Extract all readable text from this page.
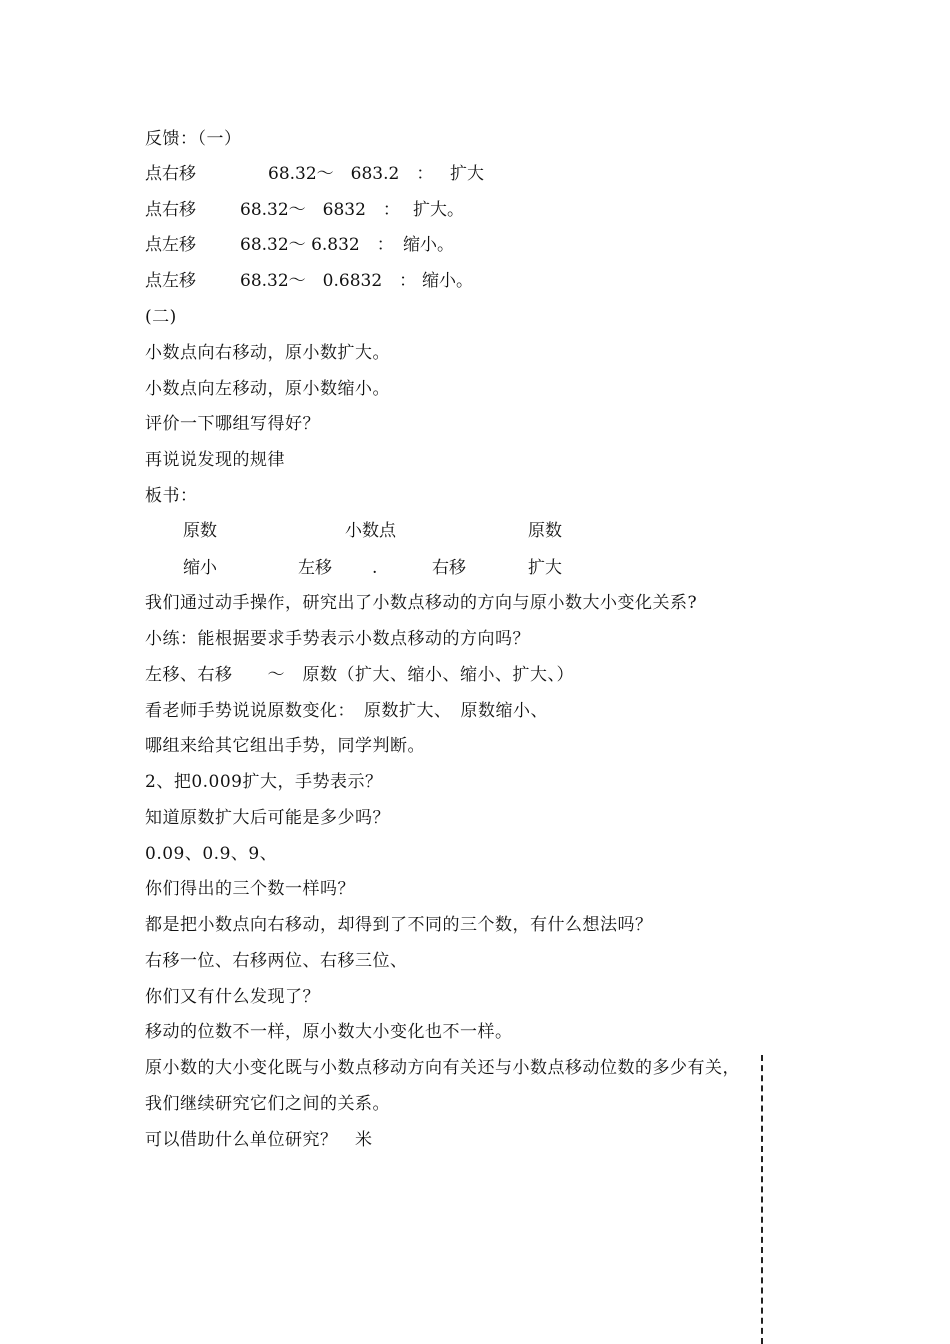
反馈：（一）
点右移	68.32～　683.2　： 扩大
点右移	68.32～　6832　： 扩大。
点左移	68.32～ 6.832　： 缩小。
点左移	68.32～　0.6832　： 缩小。
(二)
小数点向右移动，原小数扩大。
小数点向左移动，原小数缩小。
评价一下哪组写得好？
再说说发现的规律
板书：
原数	小数点	原数
缩小	左移 .	右移	扩大
我们通过动手操作，研究出了小数点移动的方向与原小数大小变化关系?
小练：能根据要求手势表示小数点移动的方向吗？
左移、右移　　～　原数（扩大、缩小、缩小、扩大、）
看老师手势说说原数变化：　原数扩大、　原数缩小、
哪组来给其它组出手势，同学判断。
2、把0.009扩大，手势表示？
知道原数扩大后可能是多少吗？
0.09、0.9、9、
你们得出的三个数一样吗？
都是把小数点向右移动，却得到了不同的三个数，有什么想法吗？
右移一位、右移两位、右移三位、
你们又有什么发现了？
移动的位数不一样，原小数大小变化也不一样。
原小数的大小变化既与小数点移动方向有关还与小数点移动位数的多少有关，
我们继续研究它们之间的关系。
可以借助什么单位研究？　米
